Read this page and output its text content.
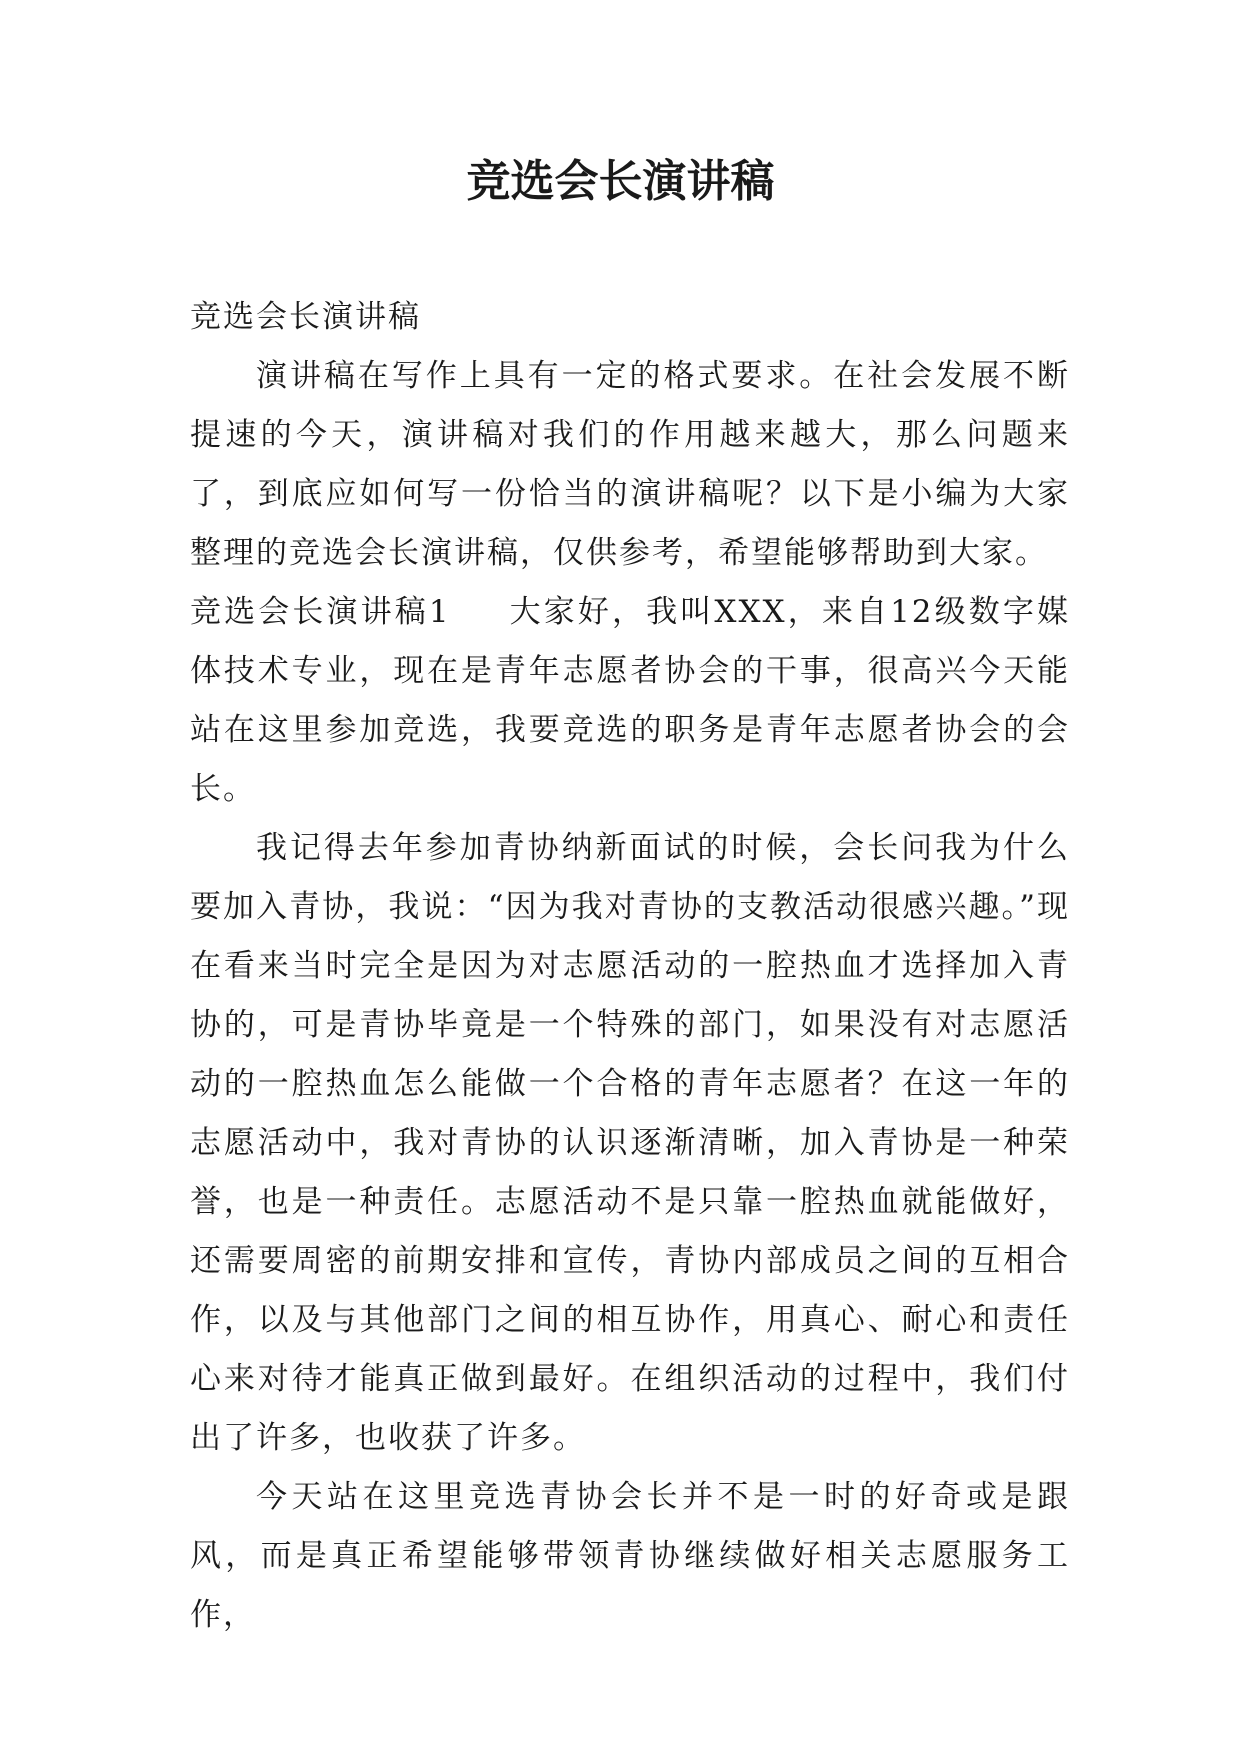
竞选会长演讲稿

竞选会长演讲稿

演讲稿在写作上具有一定的格式要求。在社会发展不断提速的今天，演讲稿对我们的作用越来越大，那么问题来了，到底应如何写一份恰当的演讲稿呢？以下是小编为大家整理的竞选会长演讲稿，仅供参考，希望能够帮助到大家。

竞选会长演讲稿1 大家好，我叫XXX，来自12级数字媒体技术专业，现在是青年志愿者协会的干事，很高兴今天能站在这里参加竞选，我要竞选的职务是青年志愿者协会的会长。

我记得去年参加青协纳新面试的时候，会长问我为什么要加入青协，我说：“因为我对青协的支教活动很感兴趣。”现在看来当时完全是因为对志愿活动的一腔热血才选择加入青协的，可是青协毕竟是一个特殊的部门，如果没有对志愿活动的一腔热血怎么能做一个合格的青年志愿者？在这一年的志愿活动中，我对青协的认识逐渐清晰，加入青协是一种荣誉，也是一种责任。志愿活动不是只靠一腔热血就能做好，还需要周密的前期安排和宣传，青协内部成员之间的互相合作，以及与其他部门之间的相互协作，用真心、耐心和责任心来对待才能真正做到最好。在组织活动的过程中，我们付出了许多，也收获了许多。

今天站在这里竞选青协会长并不是一时的好奇或是跟风，而是真正希望能够带领青协继续做好相关志愿服务工作，
